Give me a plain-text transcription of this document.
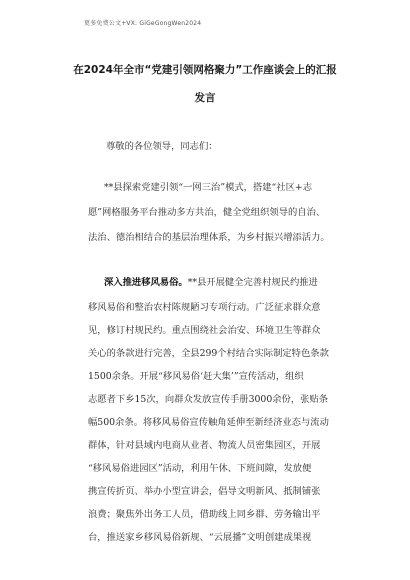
更多免费公文+VX: GiGeGongWen2024
在2024年全市“党建引领网格聚力”工作座谈会上的汇报
发言
尊敬的各位领导，同志们：
**县探索党建引领“一网三治”模式，搭建“社区+志
愿”网格服务平台推动多方共治，健全党组织领导的自治、
法治、德治相结合的基层治理体系，为乡村振兴增添活力。
深入推进移风易俗。**县开展健全完善村规民约推进
移风易俗和整治农村陈规陋习专项行动。广泛征求群众意
见，修订村规民约。重点围绕社会治安、环境卫生等群众
关心的条款进行完善，全县299个村结合实际制定特色条款
1500余条。开展“移风易俗‘赶大集’”宣传活动，组织
志愿者下乡15次，向群众发放宣传手册3000余份，张贴条
幅500余条。将移风易俗宣传触角延伸至新经济业态与流动
群体，针对县域内电商从业者、物流人员密集园区，开展
“移风易俗进园区”活动，利用午休、下班间隙，发放便
携宣传折页、举办小型宣讲会，倡导文明新风、抵制铺张
浪费；聚焦外出务工人员，借助线上同乡群、劳务输出平
台，推送家乡移风易俗新规、“云展播”文明创建成果视
